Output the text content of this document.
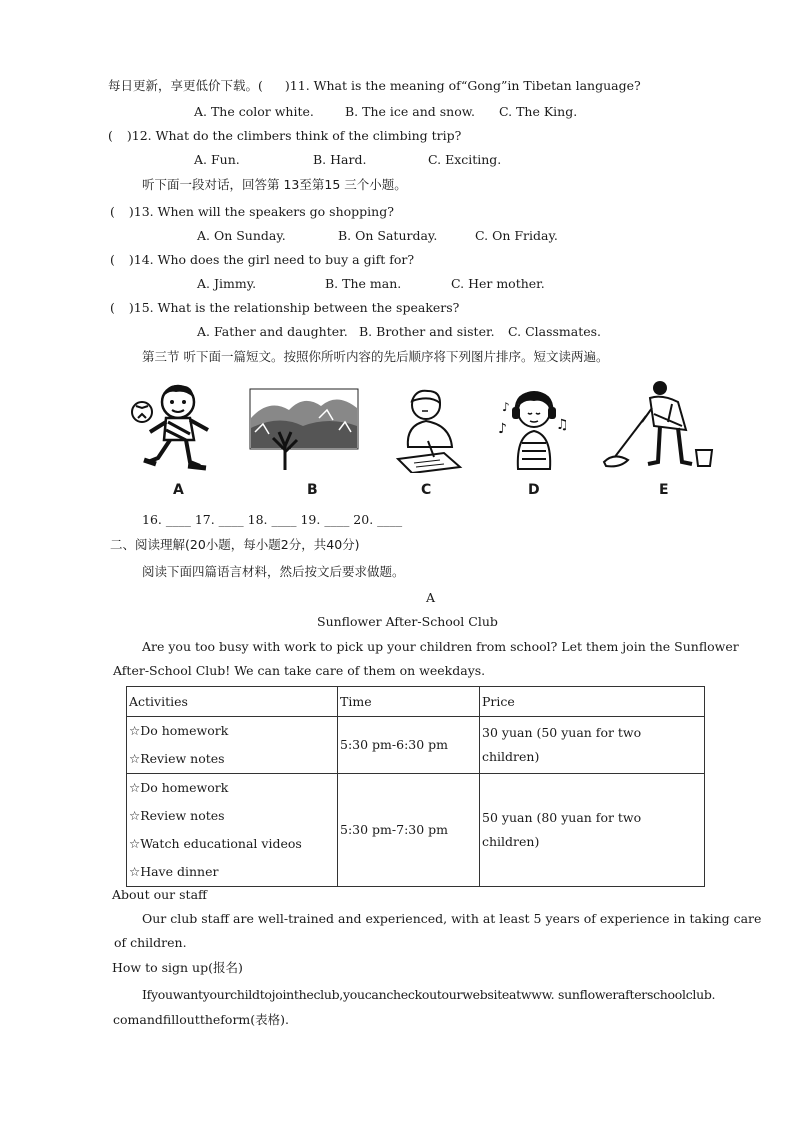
每日更新，享更低价下载。( )11. What is the meaning of“Gong”in Tibetan language?
A. The color white. B. The ice and snow. C. The King.
( )12. What do the climbers think of the climbing trip?
A. Fun.	B. Hard.	C. Exciting.
听下面一段对话，回答第 13至第15 三个小题。
( )13. When will the speakers go shopping?
A. On Sunday.	B. On Saturday.	C. On Friday.
( )14. Who does the girl need to buy a gift for?
A. Jimmy.	B. The man.	C. Her mother.
( )15. What is the relationship between the speakers?
A. Father and daughter. B. Brother and sister. C. Classmates.
第三节 听下面一篇短文。按照你所听内容的先后顺序将下列图片排序。短文读两遍。
A	B	C
♪	♫
♪
D	E
16. ____ 17. ____ 18. ____ 19. ____ 20. ____
二、阅读理解(20小题，每小题2分，共40分)
阅读下面四篇语言材料，然后按文后要求做题。
A
Sunflower After-School Club
Are you too busy with work to pick up your children from school? Let them join the Sunflower
After-School Club! We can take care of them on weekdays.
Activities	Time	Price

☆Do homework
☆Review notes	5:30 pm-6:30 pm	30 yuan (50 yuan for two
children)

☆Do homework
☆Review notes
☆Watch educational videos
☆Have dinner	5:30 pm-7:30 pm	50 yuan (80 yuan for two
children)
About our staff
Our club staff are well-trained and experienced, with at least 5 years of experience in taking care
of children.
How to sign up(报名)
Ifyouwantyourchildtojointheclub,youcancheckoutourwebsiteatwww. sunflowerafterschoolclub.
comandfillouttheform(表格).
